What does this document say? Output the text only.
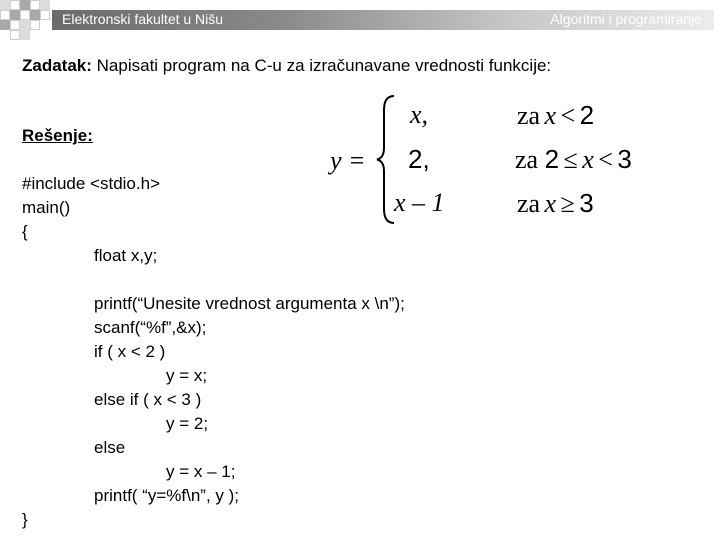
Elektronski fakultet u Nišu	Algoritmi i programiranje
Zadatak: Napisati program na C-u za izračunavane vrednosti funkcije:
Rešenje:
y =
x,	za x < 2
2,	za 2 ≤ x < 3
x – 1	za x ≥ 3
#include <stdio.h>
main()
{
float x,y;
printf(“Unesite vrednost argumenta x \n”);
scanf(“%f”,&x);
if ( x < 2 )
y = x;
else if ( x < 3 )
y = 2;
else
y = x – 1;
printf( “y=%f\n”, y );
}
